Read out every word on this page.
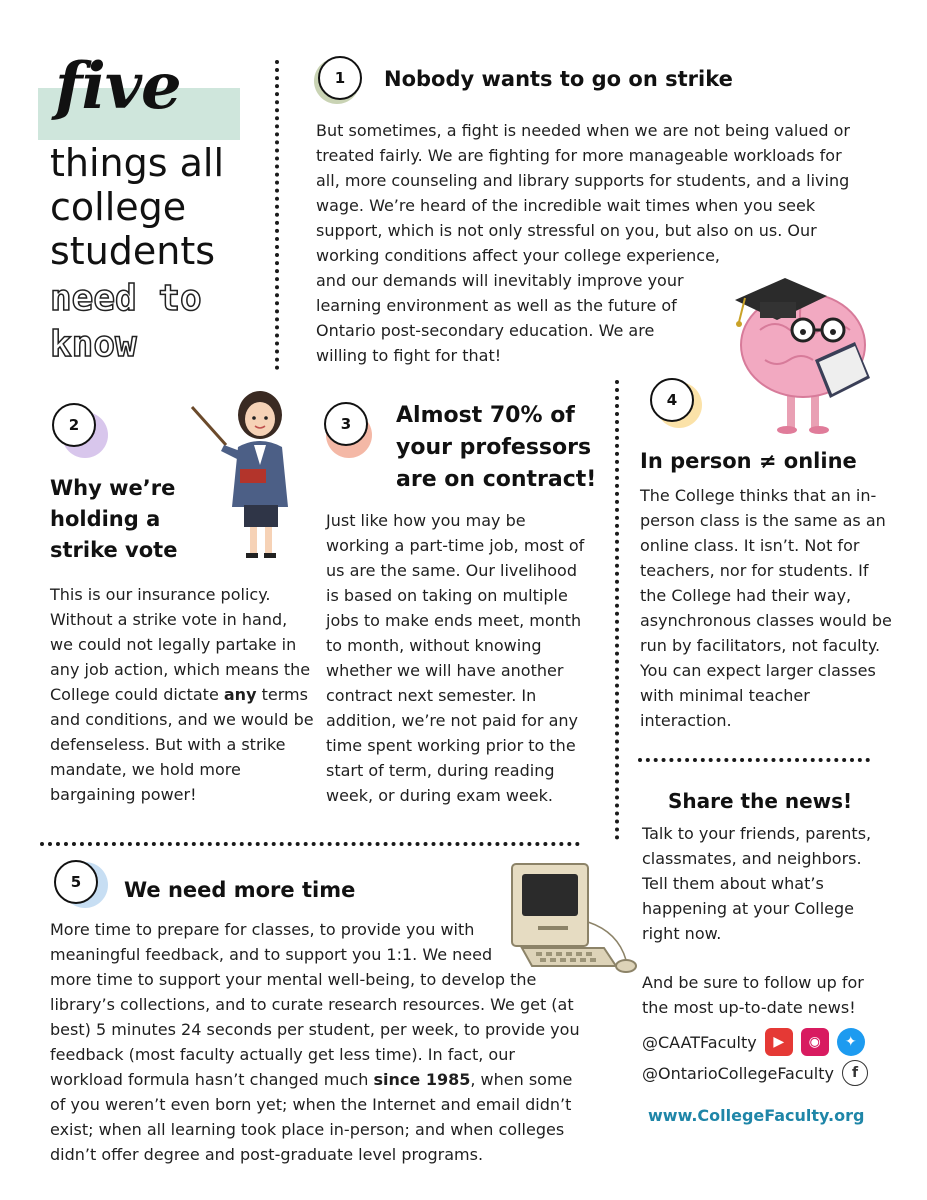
five
things all
college
students
need to
know
1	Nobody wants to go on strike
But sometimes, a fight is needed when we are not being valued or
treated fairly. We are fighting for more manageable workloads for
all, more counseling and library supports for students, and a living
wage. We’re heard of the incredible wait times when you seek
support, which is not only stressful on you, but also on us. Our
working conditions affect your college experience,
and our demands will inevitably improve your
learning environment as well as the future of
Ontario post-secondary education. We are
willing to fight for that!
2
Why we’re
holding a
strike vote
This is our insurance policy. Without a strike vote in hand, we could not legally partake in any job action, which means the College could dictate any terms and conditions, and we would be defenseless. But with a strike mandate, we hold more bargaining power!
3	Almost 70% of
your professors
are on contract!
Just like how you may be working a part-time job, most of us are the same. Our livelihood is based on taking on multiple jobs to make ends meet, month to month, without knowing whether we will have another contract next semester. In addition, we’re not paid for any time spent working prior to the start of term, during reading week, or during exam week.
4
In person ≠ online
The College thinks that an in-person class is the same as an online class. It isn’t. Not for teachers, nor for students. If the College had their way, asynchronous classes would be run by facilitators, not faculty. You can expect larger classes with minimal teacher interaction.
Share the news!
Talk to your friends, parents, classmates, and neighbors. Tell them about what’s happening at your College right now.
And be sure to follow up for the most up-to-date news!
@CAATFaculty	▶	◉	✦
@OntarioCollegeFaculty	f
www.CollegeFaculty.org
5	We need more time
More time to prepare for classes, to provide you with
meaningful feedback, and to support you 1:1. We need
more time to support your mental well-being, to develop the library’s collections, and to curate research resources. We get (at best) 5 minutes 24 seconds per student, per week, to provide you feedback (most faculty actually get less time). In fact, our workload formula hasn’t changed much since 1985, when some of you weren’t even born yet; when the Internet and email didn’t exist; when all learning took place in-person; and when colleges didn’t offer degree and post-graduate level programs.
